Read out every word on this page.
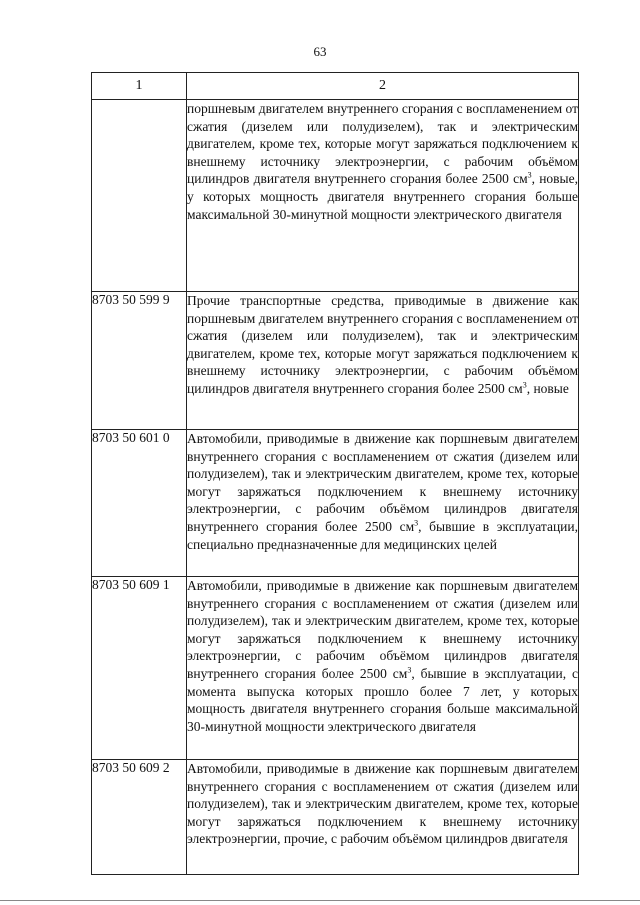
63
1	2
	поршневым двигателем внутреннего сгорания с воспламенением от сжатия (дизелем или полудизелем), так и электрическим двигателем, кроме тех, которые могут заряжаться подключением к внешнему источнику электроэнергии, с рабочим объёмом цилиндров двигателя внутреннего сгорания более 2500 $см^3$, новые, у которых мощность двигателя внутреннего сгорания больше максимальной 30-минутной мощности электрического двигателя
8703 50 599 9	Прочие транспортные средства, приводимые в движение как поршневым двигателем внутреннего сгорания с воспламенением от сжатия (дизелем или полудизелем), так и электрическим двигателем, кроме тех, которые могут заряжаться подключением к внешнему источнику электроэнергии, с рабочим объёмом цилиндров двигателя внутреннего сгорания более 2500 $см^3$, новые
8703 50 601 0	Автомобили, приводимые в движение как поршневым двигателем внутреннего сгорания с воспламенением от сжатия (дизелем или полудизелем), так и электрическим двигателем, кроме тех, которые могут заряжаться подключением к внешнему источнику электроэнергии, с рабочим объёмом цилиндров двигателя внутреннего сгорания более 2500 $см^3$, бывшие в эксплуатации, специально предназначенные для медицинских целей
8703 50 609 1	Автомобили, приводимые в движение как поршневым двигателем внутреннего сгорания с воспламенением от сжатия (дизелем или полудизелем), так и электрическим двигателем, кроме тех, которые могут заряжаться подключением к внешнему источнику электроэнергии, с рабочим объёмом цилиндров двигателя внутреннего сгорания более 2500 $см^3$, бывшие в эксплуатации, с момента выпуска которых прошло более 7 лет, у которых мощность двигателя внутреннего сгорания больше максимальной 30-минутной мощности электрического двигателя
8703 50 609 2	Автомобили, приводимые в движение как поршневым двигателем внутреннего сгорания с воспламенением от сжатия (дизелем или полудизелем), так и электрическим двигателем, кроме тех, которые могут заряжаться подключением к внешнему источнику электроэнергии, прочие, с рабочим объёмом цилиндров двигателя
